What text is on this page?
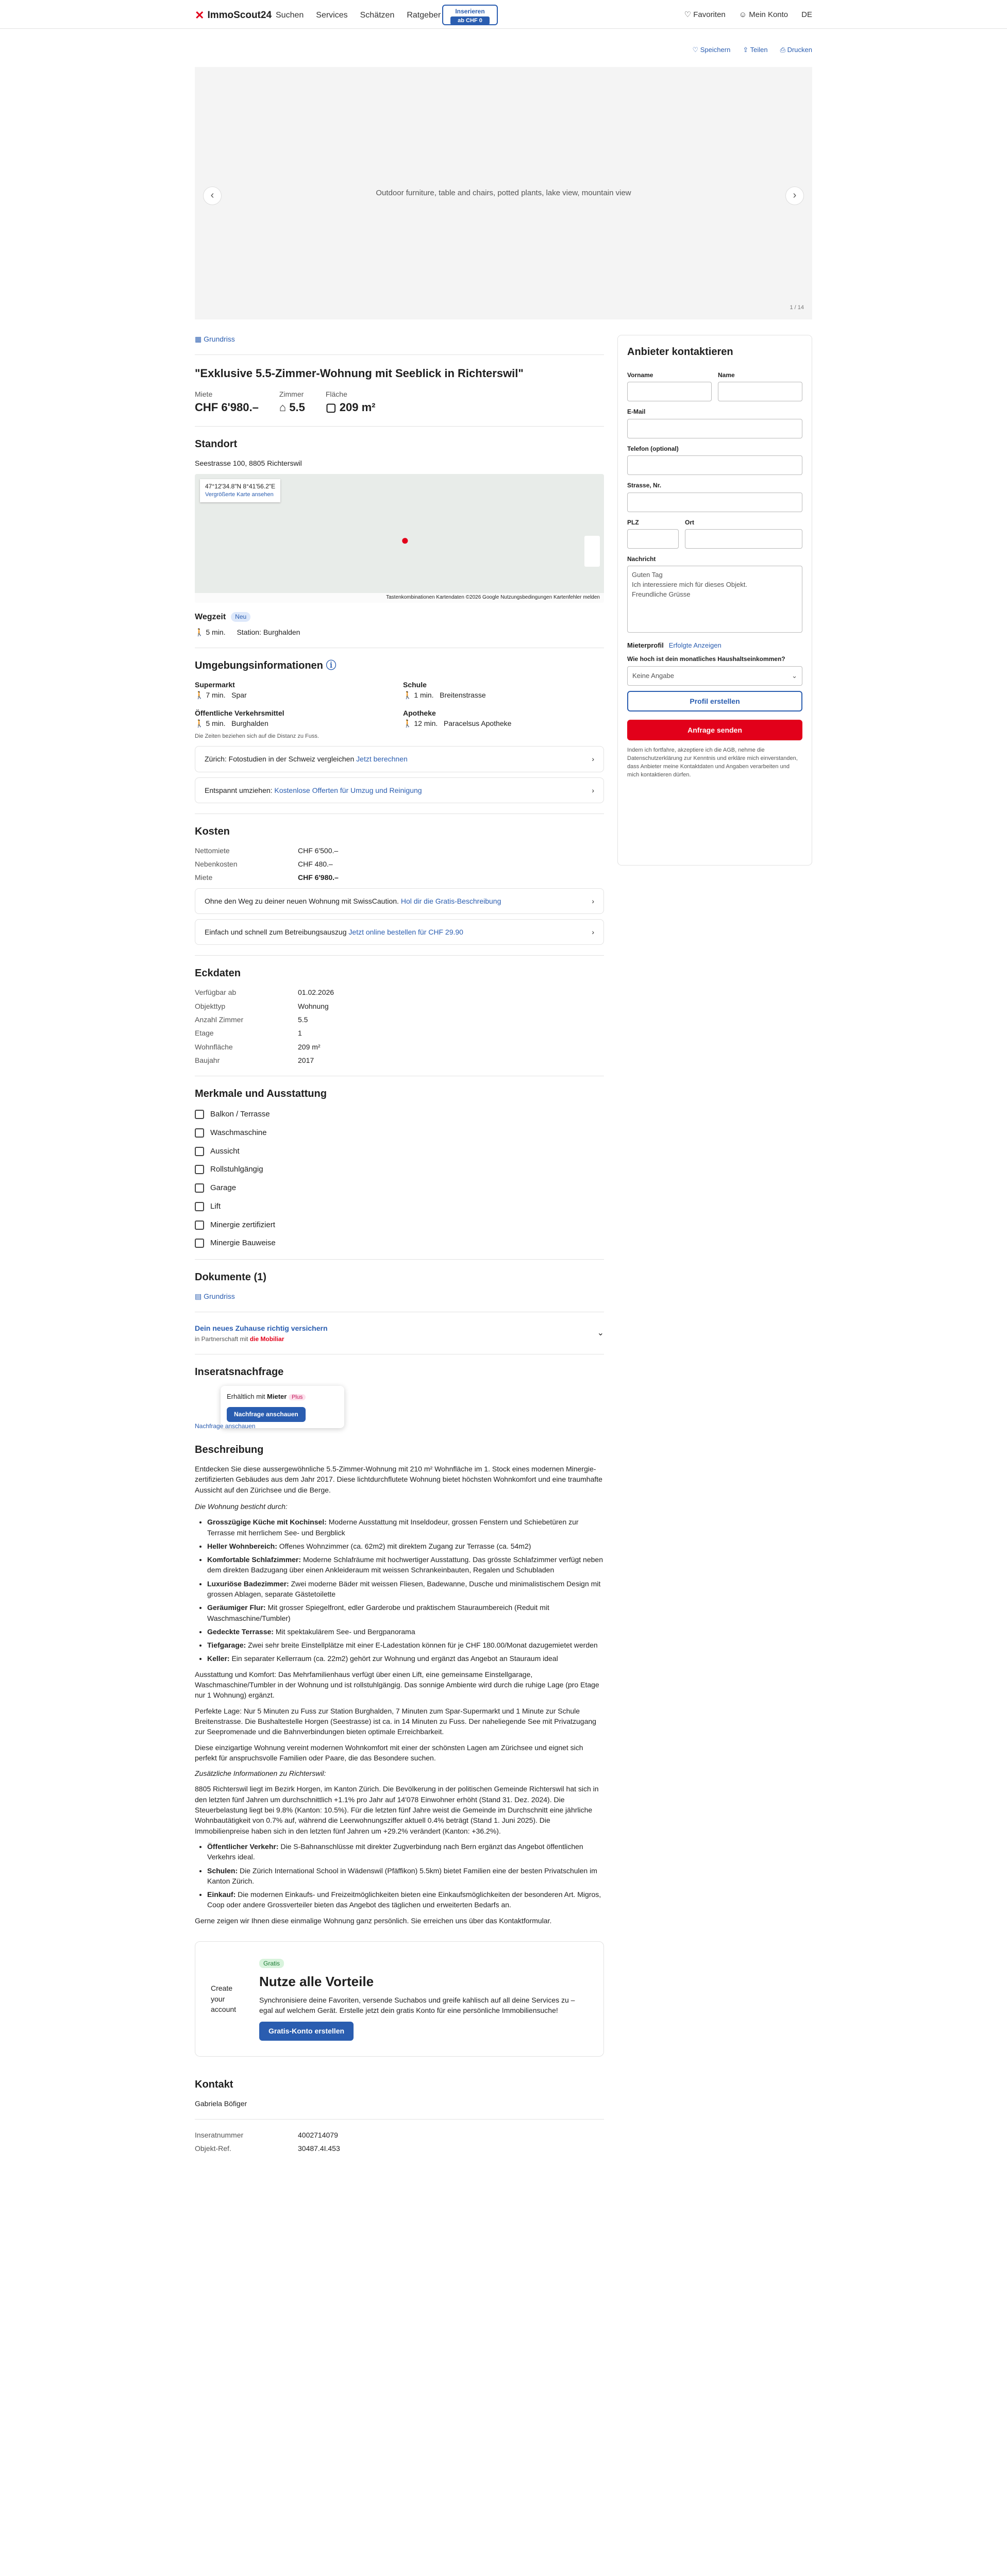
✕ ImmoScout24 Suchen Services Schätzen Ratgeber	Inserieren
ab CHF 0
♡ Favoriten ☺ Mein Konto DE
♡ Speichern ⇪ Teilen ⎙ Drucken
Outdoor furniture, table and chairs, potted plants, lake view, mountain view
‹	›
1 / 14
▦ Grundriss
"Exklusive 5.5-Zimmer-Wohnung mit Seeblick in Richterswil"
Miete
CHF 6'980.–
Zimmer
⌂ 5.5
Fläche
▢ 209 m²
Standort
Seestrasse 100, 8805 Richterswil
47°12'34.8"N 8°41'56.2"E
Vergrößerte Karte ansehen
●
Tastenkombinationen Kartendaten ©2026 Google Nutzungsbedingungen Kartenfehler melden
Wegzeit	Neu
🚶 5 min. Station: Burghalden
Umgebungsinformationen ⓘ
Supermarkt
🚶 7 min. Spar
Schule
🚶 1 min. Breitenstrasse
Öffentliche Verkehrsmittel
🚶 5 min. Burghalden
Apotheke
🚶 12 min. Paracelsus Apotheke
Die Zeiten beziehen sich auf die Distanz zu Fuss.
Zürich: Fotostudien in der Schweiz vergleichen Jetzt berechnen	›
Entspannt umziehen: Kostenlose Offerten für Umzug und Reinigung	›
Kosten
Nettomiete	CHF 6'500.–
Nebenkosten	CHF 480.–
Miete	CHF 6'980.–
Ohne den Weg zu deiner neuen Wohnung mit SwissCaution. Hol dir die Gratis-Beschreibung	›
Einfach und schnell zum Betreibungsauszug Jetzt online bestellen für CHF 29.90	›
Eckdaten
Verfügbar ab	01.02.2026
Objekttyp	Wohnung
Anzahl Zimmer	5.5
Etage	1
Wohnfläche	209 m²
Baujahr	2017
Merkmale und Ausstattung
Balkon / Terrasse
Waschmaschine
Aussicht
Rollstuhlgängig
Garage
Lift
Minergie zertifiziert
Minergie Bauweise
Dokumente (1)
▤ Grundriss
Dein neues Zuhause richtig versichern
in Partnerschaft mit die Mobiliar
⌄
Inseratsnachfrage
Erhältlich mit Mieter Plus Nachfrage anschauen
Nachfrage anschauen
Beschreibung

Entdecken Sie diese aussergewöhnliche 5.5-Zimmer-Wohnung mit 210 m² Wohnfläche im 1. Stock eines modernen Minergie-zertifizierten Gebäudes aus dem Jahr 2017. Diese lichtdurchflutete Wohnung bietet höchsten Wohnkomfort und eine traumhafte Aussicht auf den Zürichsee und die Berge.

Die Wohnung besticht durch:

• Grosszügige Küche mit Kochinsel: Moderne Ausstattung mit Inseldodeur, grossen Fenstern und Schiebetüren zur Terrasse mit herrlichem See- und Bergblick
• Heller Wohnbereich: Offenes Wohnzimmer (ca. 62m2) mit direktem Zugang zur Terrasse (ca. 54m2)
• Komfortable Schlafzimmer: Moderne Schlafräume mit hochwertiger Ausstattung. Das grösste Schlafzimmer verfügt neben dem direkten Badzugang über einen Ankleideraum mit weissen Schrankeinbauten, Regalen und Schubladen
• Luxuriöse Badezimmer: Zwei moderne Bäder mit weissen Fliesen, Badewanne, Dusche und minimalistischem Design mit grossen Ablagen, separate Gästetoilette
• Geräumiger Flur: Mit grosser Spiegelfront, edler Garderobe und praktischem Stauraumbereich (Reduit mit Waschmaschine/Tumbler)
• Gedeckte Terrasse: Mit spektakulärem See- und Bergpanorama
• Tiefgarage: Zwei sehr breite Einstellplätze mit einer E-Ladestation können für je CHF 180.00/Monat dazugemietet werden
• Keller: Ein separater Kellerraum (ca. 22m2) gehört zur Wohnung und ergänzt das Angebot an Stauraum ideal

Ausstattung und Komfort: Das Mehrfamilienhaus verfügt über einen Lift, eine gemeinsame Einstellgarage, Waschmaschine/Tumbler in der Wohnung und ist rollstuhlgängig. Das sonnige Ambiente wird durch die ruhige Lage (pro Etage nur 1 Wohnung) ergänzt.

Perfekte Lage: Nur 5 Minuten zu Fuss zur Station Burghalden, 7 Minuten zum Spar-Supermarkt und 1 Minute zur Schule Breitenstrasse. Die Bushaltestelle Horgen (Seestrasse) ist ca. in 14 Minuten zu Fuss. Der naheliegende See mit Privatzugang zur Seepromenade und die Bahnverbindungen bieten optimale Erreichbarkeit.

Diese einzigartige Wohnung vereint modernen Wohnkomfort mit einer der schönsten Lagen am Zürichsee und eignet sich perfekt für anspruchsvolle Familien oder Paare, die das Besondere suchen.

Zusätzliche Informationen zu Richterswil:

8805 Richterswil liegt im Bezirk Horgen, im Kanton Zürich. Die Bevölkerung in der politischen Gemeinde Richterswil hat sich in den letzten fünf Jahren um durchschnittlich +1.1% pro Jahr auf 14'078 Einwohner erhöht (Stand 31. Dez. 2024). Die Steuerbelastung liegt bei 9.8% (Kanton: 10.5%). Für die letzten fünf Jahre weist die Gemeinde im Durchschnitt eine jährliche Wohnbautätigkeit von 0.7% auf, während die Leerwohnungsziffer aktuell 0.4% beträgt (Stand 1. Juni 2025). Die Immobilienpreise haben sich in den letzten fünf Jahren um +29.2% verändert (Kanton: +36.2%).

• Öffentlicher Verkehr: Die S-Bahnanschlüsse mit direkter Zugverbindung nach Bern ergänzt das Angebot öffentlichen Verkehrs ideal.
• Schulen: Die Zürich International School in Wädenswil (Pfäffikon) 5.5km) bietet Familien eine der besten Privatschulen im Kanton Zürich.
• Einkauf: Die modernen Einkaufs- und Freizeitmöglichkeiten bieten eine Einkaufsmöglichkeiten der besonderen Art. Migros, Coop oder andere Grossverteiler bieten das Angebot des täglichen und erweiterten Bedarfs an.

Gerne zeigen wir Ihnen diese einmalige Wohnung ganz persönlich. Sie erreichen uns über das Kontaktformular.

Create your account
Gratis
Nutze alle Vorteile
Synchronisiere deine Favoriten, versende Suchabos und greife kahlisch auf all deine Services zu – egal auf welchem Gerät. Erstelle jetzt dein gratis Konto für eine persönliche Immobiliensuche!
Gratis-Konto erstellen
Kontakt
Gabriela Böfiger
Inseratnummer	4002714079
Objekt-Ref.	30487.4I.453
Anbieter kontaktieren
Vorname	Name
E-Mail
Telefon (optional)
Strasse, Nr.
PLZ	Ort
Nachricht
Guten Tag
Ich interessiere mich für dieses Objekt.
Freundliche Grüsse
Mieterprofil Erfolgte Anzeigen
Wie hoch ist dein monatliches Haushaltseinkommen?
Keine Angabe	⌄
Profil erstellen
Anfrage senden
Indem ich fortfahre, akzeptiere ich die AGB, nehme die Datenschutzerklärung zur Kenntnis und erkläre mich einverstanden, dass Anbieter meine Kontaktdaten und Angaben verarbeiten und mich kontaktieren dürfen.
